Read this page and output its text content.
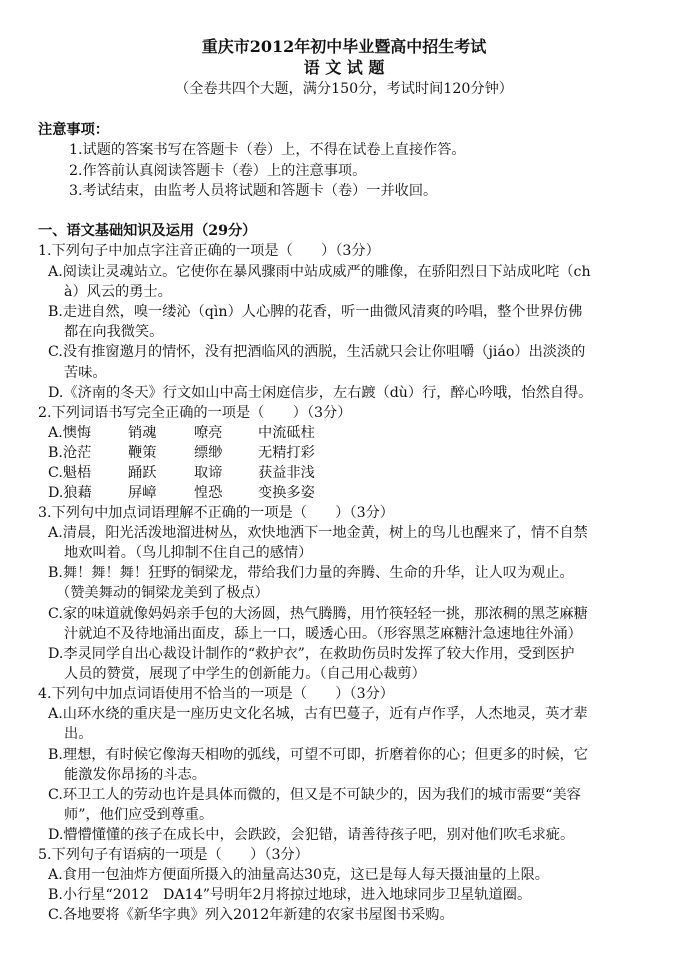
重庆市2012年初中毕业暨高中招生考试
语 文 试 题
（全卷共四个大题，满分150分，考试时间120分钟）
注意事项：
1.试题的答案书写在答题卡（卷）上，不得在试卷上直接作答。
2.作答前认真阅读答题卡（卷）上的注意事项。
3.考试结束，由监考人员将试题和答题卡（卷）一并收回。
一、语文基础知识及运用（29分）
1.下列句子中加点字注音正确的一项是（　　）（3分）
A.阅读让灵魂站立。它使你在暴风骤雨中站成威严的雕像，在骄阳烈日下站成叱咤（ch
à）风云的勇士。
B.走进自然，嗅一缕沁（qìn）人心脾的花香，听一曲微风清爽的吟唱，整个世界仿佛
都在向我微笑。
C.没有推窗邀月的情怀，没有把酒临风的洒脱，生活就只会让你咀嚼（jiáo）出淡淡的
苦味。
D.《济南的冬天》行文如山中高士闲庭信步，左右踱（dù）行，醉心吟哦，怡然自得。
2.下列词语书写完全正确的一项是（　　）（3分）
A.懊悔	销魂	嘹亮	中流砥柱
B.沧茫	鞭策	缥缈	无精打彩
C.魁梧	踊跃	取谛	获益非浅
D.狼藉	屏嶂	惶恐	变换多姿
3.下列句中加点词语理解不正确的一项是（　　）（3分）
A.清晨，阳光活泼地溜进树丛，欢快地洒下一地金黄，树上的鸟儿也醒来了，情不自禁
地欢叫着。（鸟儿抑制不住自己的感情）
B.舞！舞！舞！狂野的铜梁龙，带给我们力量的奔腾、生命的升华，让人叹为观止。
（赞美舞动的铜梁龙美到了极点）
C.家的味道就像妈妈亲手包的大汤圆，热气腾腾，用竹筷轻轻一挑，那浓稠的黑芝麻糖
汁就迫不及待地涌出面皮，舔上一口，暖透心田。（形容黑芝麻糖汁急速地往外涌）
D.李灵同学自出心裁设计制作的“救护衣”，在救助伤员时发挥了较大作用，受到医护
人员的赞赏，展现了中学生的创新能力。（自己用心裁剪）
4.下列句中加点词语使用不恰当的一项是（　　）（3分）
A.山环水绕的重庆是一座历史文化名城，古有巴蔓子，近有卢作孚，人杰地灵，英才辈
出。
B.理想，有时候它像海天相吻的弧线，可望不可即，折磨着你的心；但更多的时候，它
能激发你昂扬的斗志。
C.环卫工人的劳动也许是具体而微的，但又是不可缺少的，因为我们的城市需要“美容
师”，他们应受到尊重。
D.懵懵懂懂的孩子在成长中，会跌跤，会犯错，请善待孩子吧，别对他们吹毛求疵。
5.下列句子有语病的一项是（　　）（3分）
A.食用一包油炸方便面所摄入的油量高达30克，这已是每人每天摄油量的上限。
B.小行星“2012　DA14”号明年2月将掠过地球，进入地球同步卫星轨道圈。
C.各地要将《新华字典》列入2012年新建的农家书屋图书采购。
